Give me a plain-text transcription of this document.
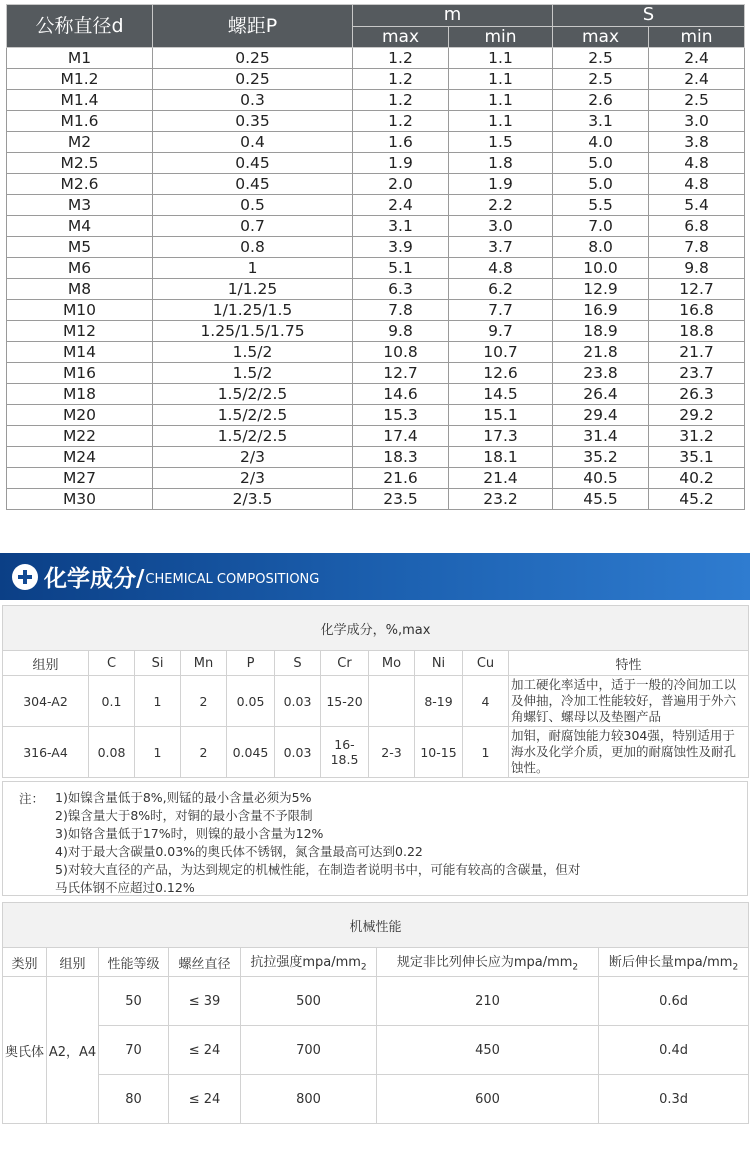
公称直径d	螺距P	m		S	
		max	min	max	min
M1	0.25	1.2	1.1	2.5	2.4
M1.2	0.25	1.2	1.1	2.5	2.4
M1.4	0.3	1.2	1.1	2.6	2.5
M1.6	0.35	1.2	1.1	3.1	3.0
M2	0.4	1.6	1.5	4.0	3.8
M2.5	0.45	1.9	1.8	5.0	4.8
M2.6	0.45	2.0	1.9	5.0	4.8
M3	0.5	2.4	2.2	5.5	5.4
M4	0.7	3.1	3.0	7.0	6.8
M5	0.8	3.9	3.7	8.0	7.8
M6	1	5.1	4.8	10.0	9.8
M8	1/1.25	6.3	6.2	12.9	12.7
M10	1/1.25/1.5	7.8	7.7	16.9	16.8
M12	1.25/1.5/1.75	9.8	9.7	18.9	18.8
M14	1.5/2	10.8	10.7	21.8	21.7
M16	1.5/2	12.7	12.6	23.8	23.7
M18	1.5/2/2.5	14.6	14.5	26.4	26.3
M20	1.5/2/2.5	15.3	15.1	29.4	29.2
M22	1.5/2/2.5	17.4	17.3	31.4	31.2
M24	2/3	18.3	18.1	35.2	35.1
M27	2/3	21.6	21.4	40.5	40.2
M30	2/3.5	23.5	23.2	45.5	45.2
化学成分/ CHEMICAL COMPOSITIONG
化学成分，%,max										
组别	C	Si	Mn	P	S	Cr	Mo	Ni	Cu	特性
304-A2	0.1	1	2	0.05	0.03	15-20		8-19	4	加工硬化率适中，适于一般的冷间加工以及伸抽，冷加工性能较好，普遍用于外六角螺钉、螺母以及垫圈产品
316-A4	0.08	1	2	0.045	0.03	16-18.5	2-3	10-15	1	加钼，耐腐蚀能力较304强，特别适用于海水及化学介质，更加的耐腐蚀性及耐孔蚀性。
注： 1)如镍含量低于8%,则锰的最小含量必须为5%
2)镍含量大于8%时，对铜的最小含量不予限制
3)如铬含量低于17%时，则镍的最小含量为12%
4)对于最大含碳量0.03%的奥氏体不锈钢，氮含量最高可达到0.22
5)对较大直径的产品，为达到规定的机械性能，在制造者说明书中，可能有较高的含碳量，但对
马氏体钢不应超过0.12%
机械性能						
类别	组别	性能等级	螺丝直径	抗拉强度mpa/$mm_2$	规定非比列伸长应为mpa/$mm_2$	断后伸长量mpa/$mm_2$
奥氏体	A2，A4	50	≤ 39	500	210	0.6d
		70	≤ 24	700	450	0.4d
		80	≤ 24	800	600	0.3d
